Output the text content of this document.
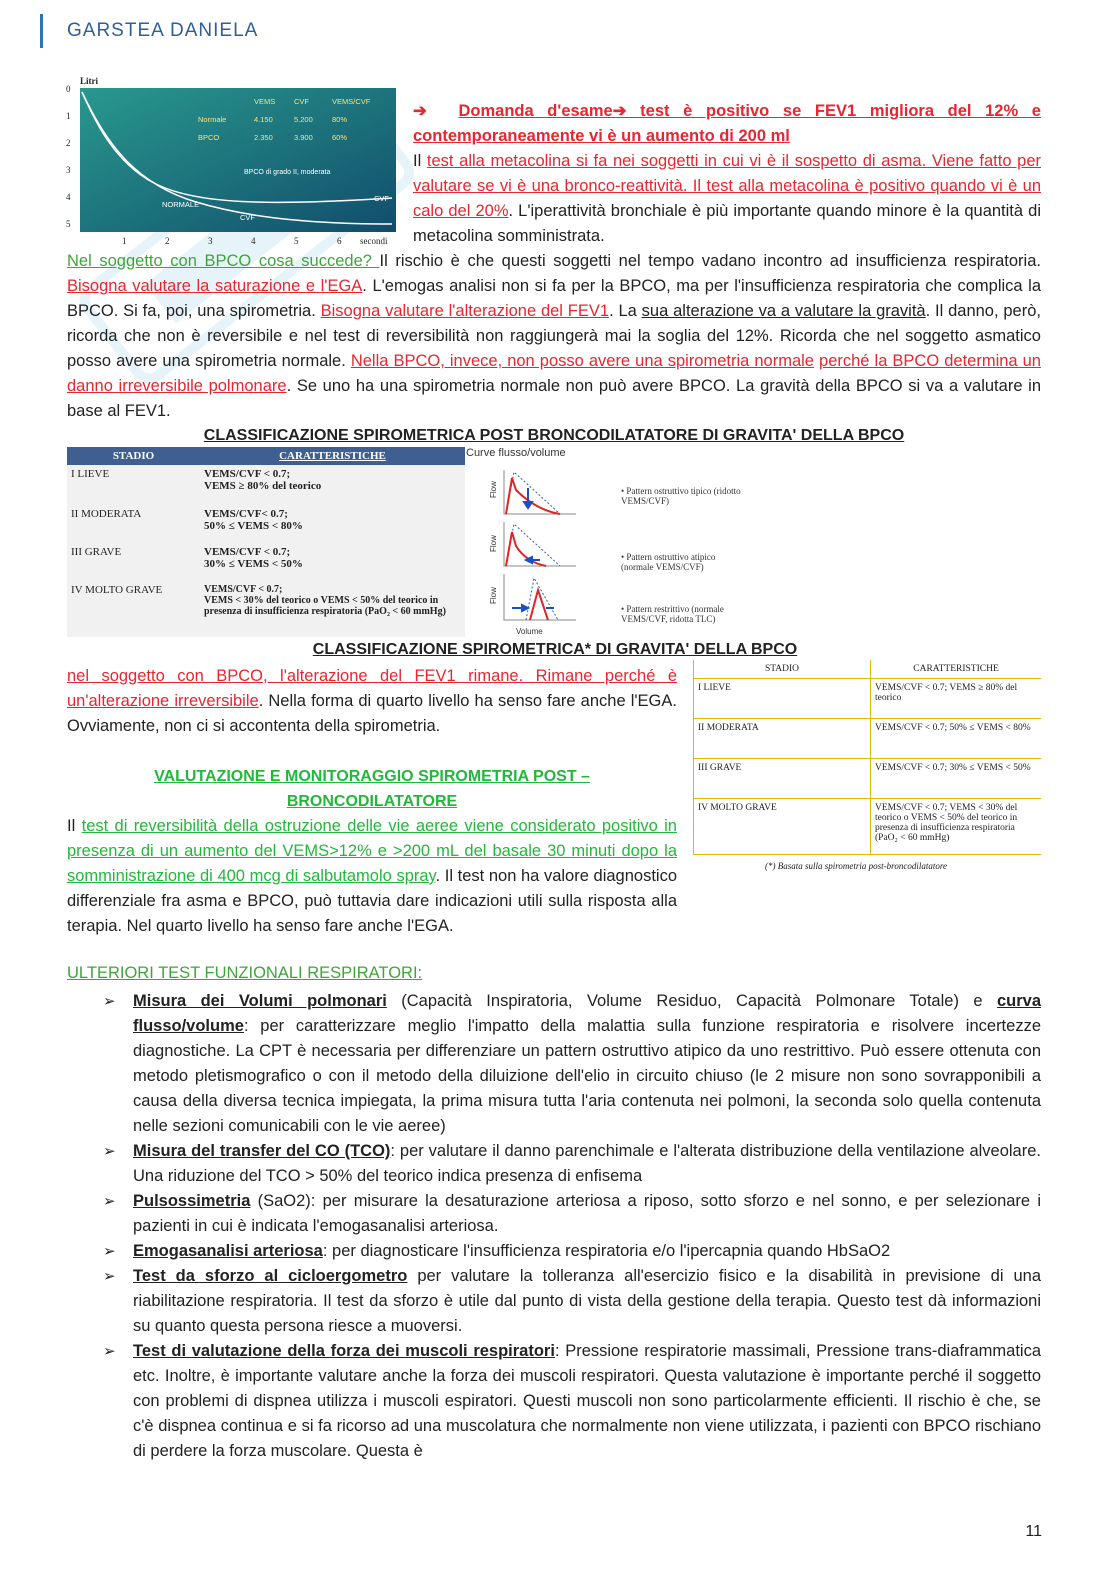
GARSTEA DANIELA
Litri
0
1
2
3
4
5
1	2	3	4	5	6 secondi
VEMS CVF	VEMS/CVF
Normale	4.150	5.200	80%
BPCO	2.350	3.900	60%
BPCO di grado II, moderata
NORMALE
CVF
CVF
➔ Domanda d'esame➔ test è positivo se FEV1 migliora del 12% e contemporaneamente vi è un aumento di 200 ml
Il test alla metacolina si fa nei soggetti in cui vi è il sospetto di asma. Viene fatto per valutare se vi è una bronco-reattività. Il test alla metacolina è positivo quando vi è un calo del 20%. L'iperattività bronchiale è più importante quando minore è la quantità di metacolina somministrata.
Nel soggetto con BPCO cosa succede? Il rischio è che questi soggetti nel tempo vadano incontro ad insufficienza respiratoria. Bisogna valutare la saturazione e l'EGA. L'emogas analisi non si fa per la BPCO, ma per l'insufficienza respiratoria che complica la BPCO. Si fa, poi, una spirometria. Bisogna valutare l'alterazione del FEV1. La sua alterazione va a valutare la gravità. Il danno, però, ricorda che non è reversibile e nel test di reversibilità non raggiungerà mai la soglia del 12%. Ricorda che nel soggetto asmatico posso avere una spirometria normale. Nella BPCO, invece, non posso avere una spirometria normale perché la BPCO determina un danno irreversibile polmonare. Se uno ha una spirometria normale non può avere BPCO. La gravità della BPCO si va a valutare in base al FEV1.
CLASSIFICAZIONE SPIROMETRICA POST BRONCODILATATORE DI GRAVITA' DELLA BPCO
STADIO	CARATTERISTICHE
I LIEVE	VEMS/CVF < 0.7;
VEMS ≥ 80% del teorico

II MODERATA	VEMS/CVF< 0.7;
50% ≤ VEMS < 80%

III GRAVE	VEMS/CVF < 0.7;
30% ≤ VEMS < 50%

IV MOLTO GRAVE	VEMS/CVF < 0.7;
VEMS < 30% del teorico o VEMS < 50% del teorico in presenza di insufficienza respiratoria (PaO₂ < 60 mmHg)
Curve flusso/volume
Flow
Flow
Flow
Volume
• Pattern ostruttivo tipico (ridotto VEMS/CVF)
• Pattern ostruttivo atipico (normale VEMS/CVF)
• Pattern restrittivo (normale VEMS/CVF, ridotta TLC)
CLASSIFICAZIONE SPIROMETRICA* DI GRAVITA' DELLA BPCO
STADIO	CARATTERISTICHE
I LIEVE	VEMS/CVF < 0.7; VEMS ≥ 80% del teorico
II MODERATA	VEMS/CVF < 0.7; 50% ≤ VEMS < 80%
III GRAVE	VEMS/CVF < 0.7; 30% ≤ VEMS < 50%
IV MOLTO GRAVE	VEMS/CVF < 0.7; VEMS < 30% del teorico o VEMS < 50% del teorico in presenza di insufficienza respiratoria (PaO₂ < 60 mmHg)
(*) Basata sulla spirometria post-broncodilatatore
nel soggetto con BPCO, l'alterazione del FEV1 rimane. Rimane perché è un'alterazione irreversibile. Nella forma di quarto livello ha senso fare anche l'EGA. Ovviamente, non ci si accontenta della spirometria.
VALUTAZIONE E MONITORAGGIO SPIROMETRIA POST – BRONCODILATATORE
Il test di reversibilità della ostruzione delle vie aeree viene considerato positivo in presenza di un aumento del VEMS>12% e >200 mL del basale 30 minuti dopo la somministrazione di 400 mcg di salbutamolo spray. Il test non ha valore diagnostico differenziale fra asma e BPCO, può tuttavia dare indicazioni utili sulla risposta alla terapia. Nel quarto livello ha senso fare anche l'EGA.
ULTERIORI TEST FUNZIONALI RESPIRATORI:
➢ Misura dei Volumi polmonari (Capacità Inspiratoria, Volume Residuo, Capacità Polmonare Totale) e curva flusso/volume: per caratterizzare meglio l'impatto della malattia sulla funzione respiratoria e risolvere incertezze diagnostiche. La CPT è necessaria per differenziare un pattern ostruttivo atipico da uno restrittivo. Può essere ottenuta con metodo pletismografico o con il metodo della diluizione dell'elio in circuito chiuso (le 2 misure non sono sovrapponibili a causa della diversa tecnica impiegata, la prima misura tutta l'aria contenuta nei polmoni, la seconda solo quella contenuta nelle sezioni comunicabili con le vie aeree)
➢ Misura del transfer del CO (TCO): per valutare il danno parenchimale e l'alterata distribuzione della ventilazione alveolare. Una riduzione del TCO > 50% del teorico indica presenza di enfisema
➢ Pulsossimetria (SaO2): per misurare la desaturazione arteriosa a riposo, sotto sforzo e nel sonno, e per selezionare i pazienti in cui è indicata l'emogasanalisi arteriosa.
➢ Emogasanalisi arteriosa: per diagnosticare l'insufficienza respiratoria e/o l'ipercapnia quando HbSaO2
➢ Test da sforzo al cicloergometro per valutare la tolleranza all'esercizio fisico e la disabilità in previsione di una riabilitazione respiratoria. Il test da sforzo è utile dal punto di vista della gestione della terapia. Questo test dà informazioni su quanto questa persona riesce a muoversi.
➢ Test di valutazione della forza dei muscoli respiratori: Pressione respiratorie massimali, Pressione trans-diaframmatica etc. Inoltre, è importante valutare anche la forza dei muscoli respiratori. Questa valutazione è importante perché il soggetto con problemi di dispnea utilizza i muscoli espiratori. Questi muscoli non sono particolarmente efficienti. Il rischio è che, se c'è dispnea continua e si fa ricorso ad una muscolatura che normalmente non viene utilizzata, i pazienti con BPCO rischiano di perdere la forza muscolare. Questa è
11
